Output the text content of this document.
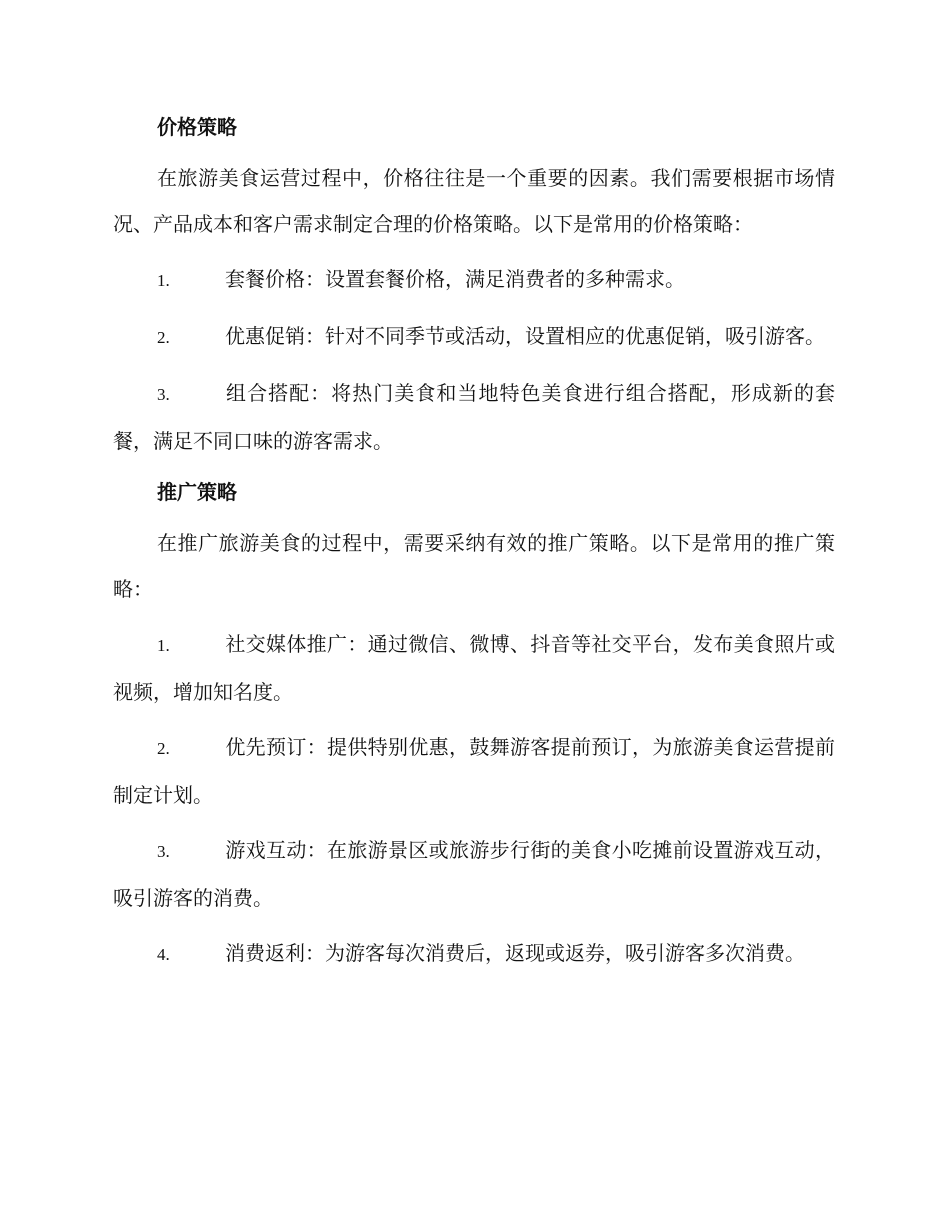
价格策略
在旅游美食运营过程中，价格往往是一个重要的因素。我们需要根据市场情况、产品成本和客户需求制定合理的价格策略。以下是常用的价格策略：
1.	套餐价格：设置套餐价格，满足消费者的多种需求。
2.	优惠促销：针对不同季节或活动，设置相应的优惠促销，吸引游客。
3.	组合搭配：将热门美食和当地特色美食进行组合搭配，形成新的套餐，满足不同口味的游客需求。
推广策略
在推广旅游美食的过程中，需要采纳有效的推广策略。以下是常用的推广策略：
1.	社交媒体推广：通过微信、微博、抖音等社交平台，发布美食照片或视频，增加知名度。
2.	优先预订：提供特别优惠，鼓舞游客提前预订，为旅游美食运营提前制定计划。
3.	游戏互动：在旅游景区或旅游步行街的美食小吃摊前设置游戏互动，吸引游客的消费。
4.	消费返利：为游客每次消费后，返现或返券，吸引游客多次消费。
